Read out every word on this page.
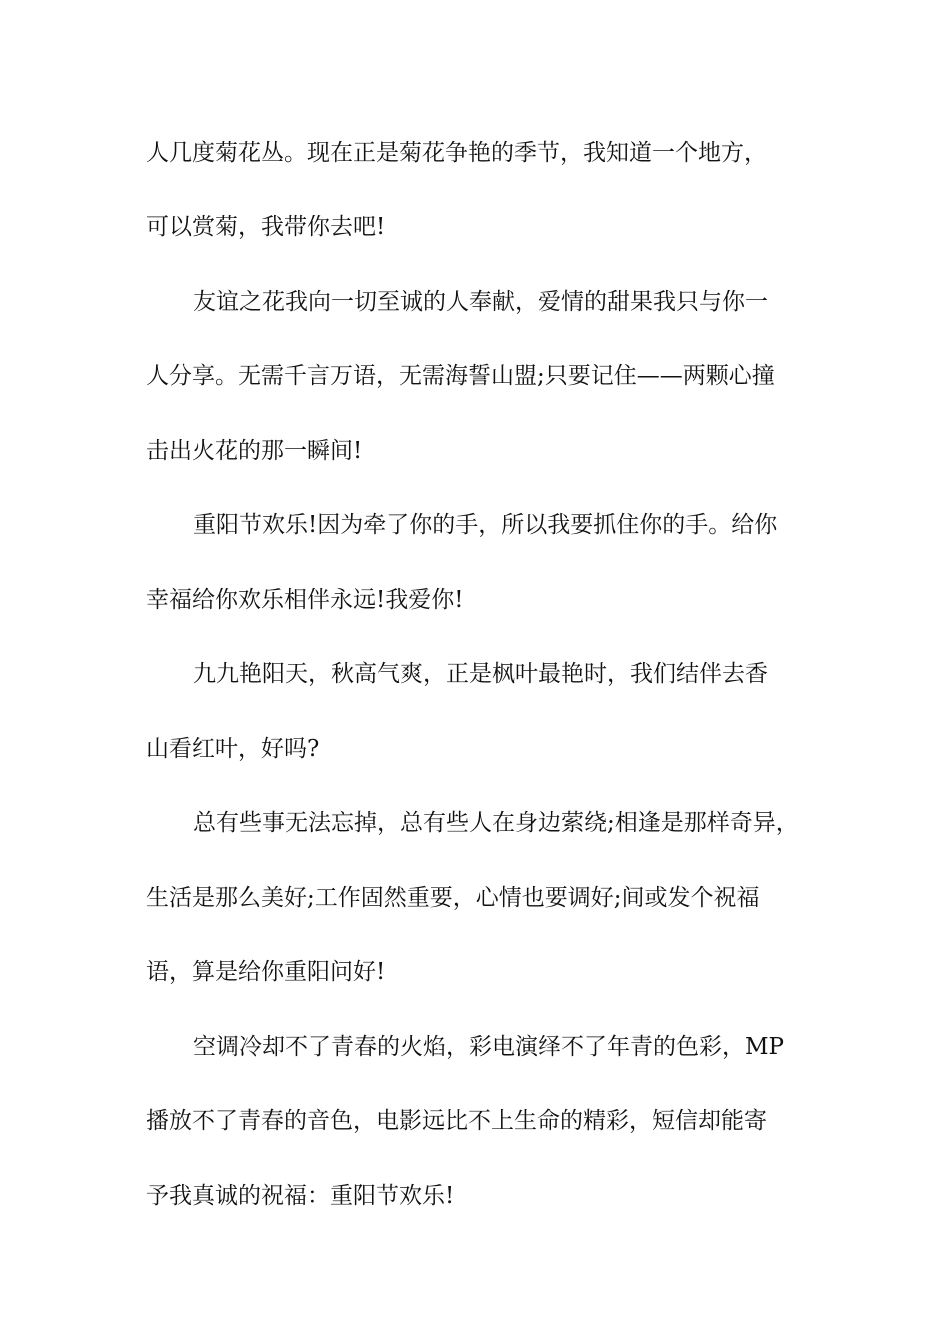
人几度菊花丛。现在正是菊花争艳的季节，我知道一个地方，

可以赏菊，我带你去吧!

友谊之花我向一切至诚的人奉献，爱情的甜果我只与你一

人分享。无需千言万语，无需海誓山盟;只要记住——两颗心撞

击出火花的那一瞬间!

重阳节欢乐!因为牵了你的手，所以我要抓住你的手。给你

幸福给你欢乐相伴永远!我爱你!

九九艳阳天，秋高气爽，正是枫叶最艳时，我们结伴去香

山看红叶，好吗?

总有些事无法忘掉，总有些人在身边萦绕;相逢是那样奇异，

生活是那么美好;工作固然重要，心情也要调好;间或发个祝福

语，算是给你重阳问好!

空调冷却不了青春的火焰，彩电演绎不了年青的色彩，MP

播放不了青春的音色，电影远比不上生命的精彩，短信却能寄

予我真诚的祝福：重阳节欢乐!
